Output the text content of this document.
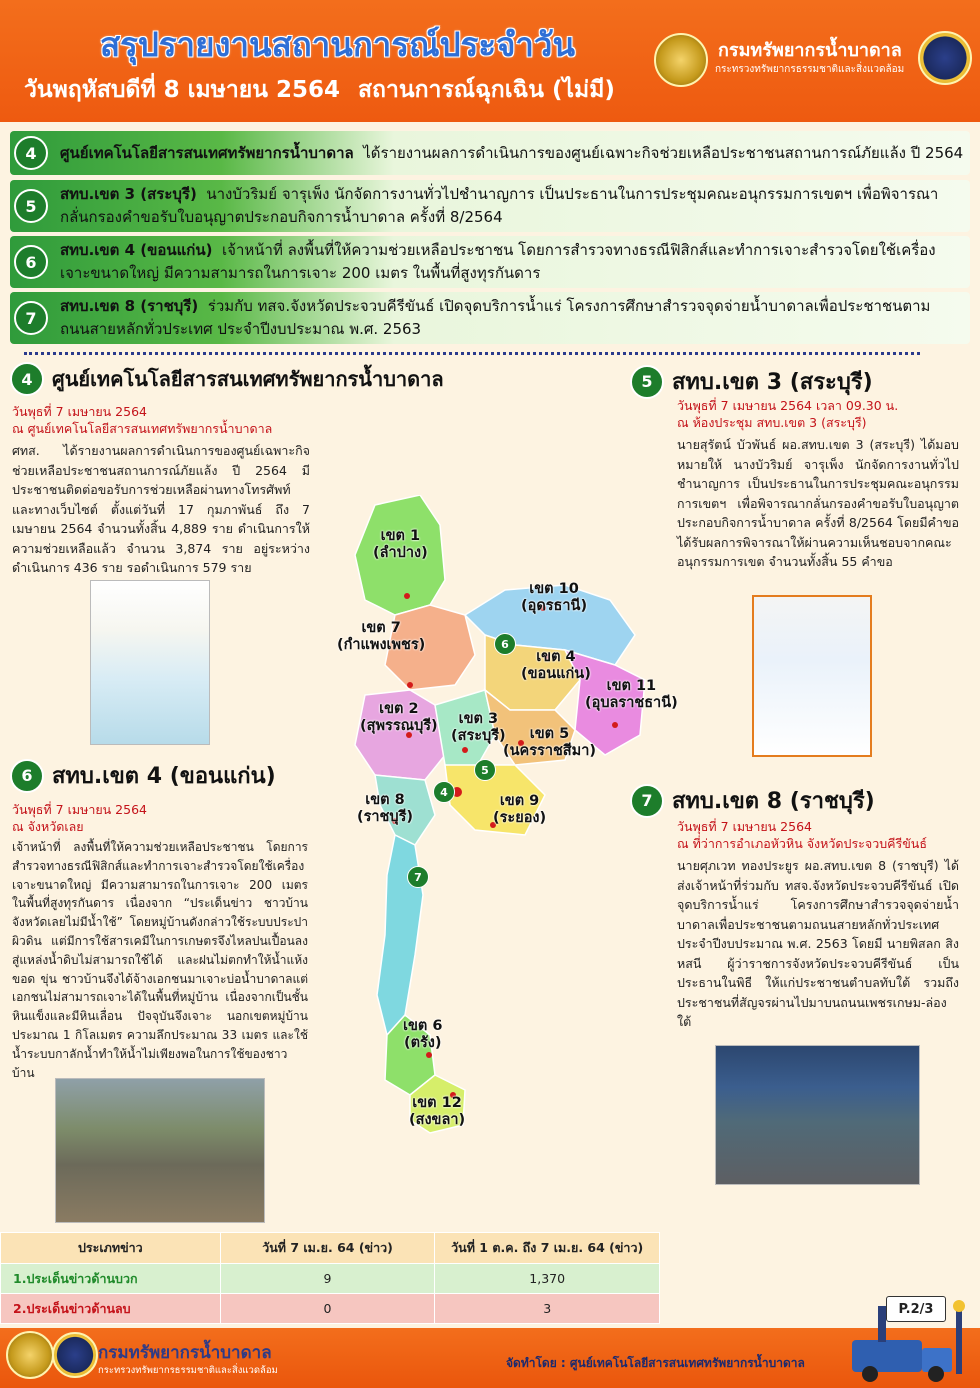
สรุปรายงานสถานการณ์ประจำวัน
วันพฤหัสบดีที่ 8 เมษายน 2564 สถานการณ์ฉุกเฉิน (ไม่มี)
กรมทรัพยากรน้ำบาดาล
กระทรวงทรัพยากรธรรมชาติและสิ่งแวดล้อม
4	ศูนย์เทคโนโลยีสารสนเทศทรัพยากรน้ำบาดาล ได้รายงานผลการดำเนินการของศูนย์เฉพาะกิจช่วยเหลือประชาชนสถานการณ์ภัยแล้ง ปี 2564
5
สทบ.เขต 3 (สระบุรี) นางบัวริมย์ จารุเพ็ง นักจัดการงานทั่วไปชำนาญการ เป็นประธานในการประชุมคณะอนุกรรมการเขตฯ เพื่อพิจารณากลั่นกรองคำขอรับใบอนุญาตประกอบกิจการน้ำบาดาล ครั้งที่ 8/2564
6
สทบ.เขต 4 (ขอนแก่น) เจ้าหน้าที่ ลงพื้นที่ให้ความช่วยเหลือประชาชน โดยการสำรวจทางธรณีฟิสิกส์และทำการเจาะสำรวจโดยใช้เครื่องเจาะขนาดใหญ่ มีความสามารถในการเจาะ 200 เมตร ในพื้นที่สูงทุรกันดาร
7
สทบ.เขต 8 (ราชบุรี) ร่วมกับ ทสจ.จังหวัดประจวบคีรีขันธ์ เปิดจุดบริการน้ำแร่ โครงการศึกษาสำรวจจุดจ่ายน้ำบาดาลเพื่อประชาชนตามถนนสายหลักทั่วประเทศ ประจำปีงบประมาณ พ.ศ. 2563
4 ศูนย์เทคโนโลยีสารสนเทศทรัพยากรน้ำบาดาล
วันพุธที่ 7 เมษายน 2564
ณ ศูนย์เทคโนโลยีสารสนเทศทรัพยากรน้ำบาดาล
ศทส. ได้รายงานผลการดำเนินการของศูนย์เฉพาะกิจช่วยเหลือประชาชนสถานการณ์ภัยแล้ง ปี 2564 มีประชาชนติดต่อขอรับการช่วยเหลือผ่านทางโทรศัพท์และทางเว็บไซต์ ตั้งแต่วันที่ 17 กุมภาพันธ์ ถึง 7 เมษายน 2564 จำนวนทั้งสิ้น 4,889 ราย ดำเนินการให้ความช่วยเหลือแล้ว จำนวน 3,874 ราย อยู่ระหว่างดำเนินการ 436 ราย รอดำเนินการ 579 ราย
5 สทบ.เขต 3 (สระบุรี)
วันพุธที่ 7 เมษายน 2564 เวลา 09.30 น.
ณ ห้องประชุม สทบ.เขต 3 (สระบุรี)
นายสุรัตน์ บัวพันธ์ ผอ.สทบ.เขต 3 (สระบุรี) ได้มอบหมายให้ นางบัวริมย์ จารุเพ็ง นักจัดการงานทั่วไปชำนาญการ เป็นประธานในการประชุมคณะอนุกรรมการเขตฯ เพื่อพิจารณากลั่นกรองคำขอรับใบอนุญาตประกอบกิจการน้ำบาดาล ครั้งที่ 8/2564 โดยมีคำขอได้รับผลการพิจารณาให้ผ่านความเห็นชอบจากคณะอนุกรรมการเขต จำนวนทั้งสิ้น 55 คำขอ
6 สทบ.เขต 4 (ขอนแก่น)
วันพุธที่ 7 เมษายน 2564
ณ จังหวัดเลย
เจ้าหน้าที่ ลงพื้นที่ให้ความช่วยเหลือประชาชน โดยการสำรวจทางธรณีฟิสิกส์และทำการเจาะสำรวจโดยใช้เครื่องเจาะขนาดใหญ่ มีความสามารถในการเจาะ 200 เมตร ในพื้นที่สูงทุรกันดาร เนื่องจาก “ประเด็นข่าว ชาวบ้านจังหวัดเลยไม่มีน้ำใช้” โดยหมู่บ้านดังกล่าวใช้ระบบประปาผิวดิน แต่มีการใช้สารเคมีในการเกษตรจึงไหลปนเปื้อนลงสู่แหล่งน้ำดิบไม่สามารถใช้ได้ และฝนไม่ตกทำให้น้ำแห้งขอด ขุ่น ชาวบ้านจึงได้จ้างเอกชนมาเจาะบ่อน้ำบาดาลแต่เอกชนไม่สามารถเจาะได้ในพื้นที่หมู่บ้าน เนื่องจากเป็นชั้นหินแข็งและมีหินเลื่อน ปัจจุบันจึงเจาะ นอกเขตหมู่บ้านประมาณ 1 กิโลเมตร ความลึกประมาณ 33 เมตร และใช้น้ำระบบกาลักน้ำทำให้น้ำไม่เพียงพอในการใช้ของชาวบ้าน
7 สทบ.เขต 8 (ราชบุรี)
วันพุธที่ 7 เมษายน 2564
ณ ที่ว่าการอำเภอหัวหิน จังหวัดประจวบคีรีขันธ์
นายศุภเวท ทองประยูร ผอ.สทบ.เขต 8 (ราชบุรี) ได้ส่งเจ้าหน้าที่ร่วมกับ ทสจ.จังหวัดประจวบคีรีขันธ์ เปิดจุดบริการน้ำแร่ โครงการศึกษาสำรวจจุดจ่ายน้ำบาดาลเพื่อประชาชนตามถนนสายหลักทั่วประเทศ ประจำปีงบประมาณ พ.ศ. 2563 โดยมี นายพิสลก สิงหสนี ผู้ว่าราชการจังหวัดประจวบคีรีขันธ์ เป็นประธานในพิธี ให้แก่ประชาชนตำบลทับใต้ รวมถึงประชาชนที่สัญจรผ่านไปมาบนถนนเพชรเกษม-ล่องใต้
เขต 1
(ลำปาง)
เขต 10
(อุดรธานี)
เขต 7
(กำแพงเพชร)
เขต 4
(ขอนแก่น)
เขต 11
(อุบลราชธานี)
เขต 2
(สุพรรณบุรี)	เขต 3
(สระบุรี)	เขต 5
(นครราชสีมา)
เขต 8
(ราชบุรี)
เขต 9
(ระยอง)
เขต 6
(ตรัง)
เขต 12
(สงขลา)
6
5
4
7
ประเภทข่าว	วันที่ 7 เม.ย. 64 (ข่าว)	วันที่ 1 ต.ค. ถึง 7 เม.ย. 64 (ข่าว)
1.ประเด็นข่าวด้านบวก	9	1,370
2.ประเด็นข่าวด้านลบ	0	3	P.2/3
กรมทรัพยากรน้ำบาดาล
กระทรวงทรัพยากรธรรมชาติและสิ่งแวดล้อม
จัดทำโดย : ศูนย์เทคโนโลยีสารสนเทศทรัพยากรน้ำบาดาล
